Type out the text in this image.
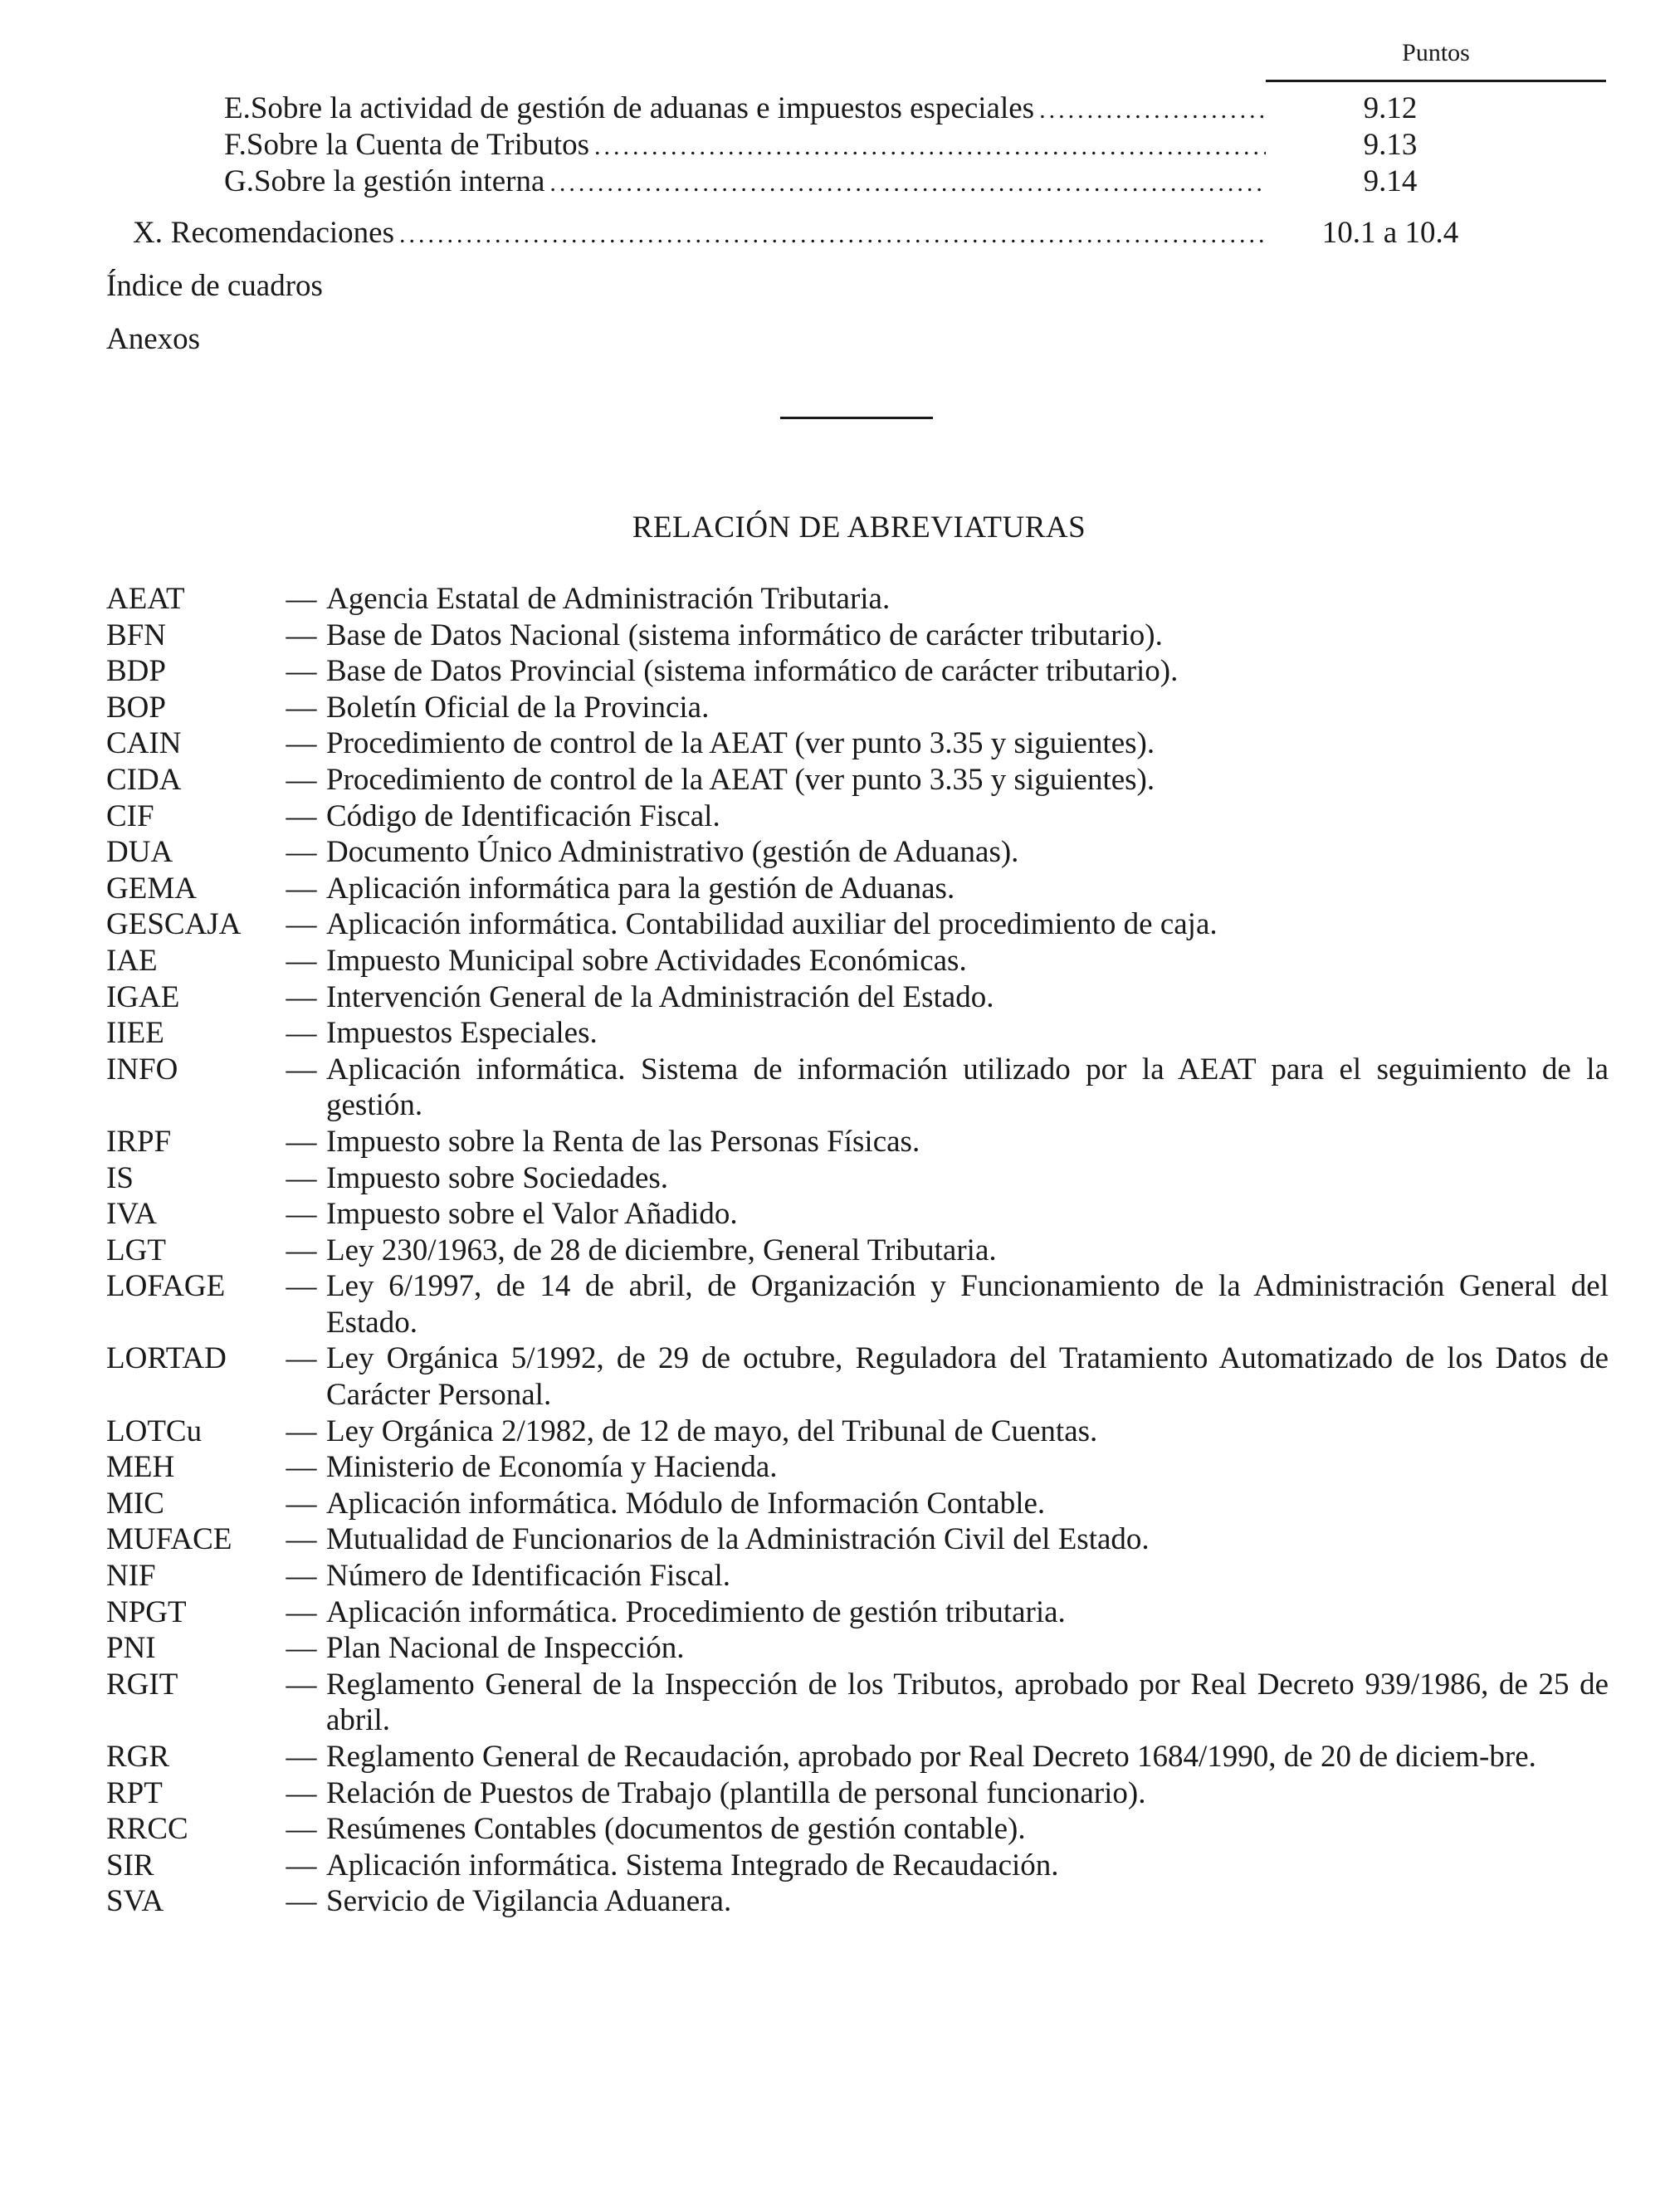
Puntos
E. Sobre la actividad de gestión de aduanas e impuestos especiales .....	9.12
F. Sobre la Cuenta de Tributos .....	9.13
G. Sobre la gestión interna .....	9.14
X. Recomendaciones .....	10.1 a 10.4
Índice de cuadros
Anexos
RELACIÓN DE ABREVIATURAS
AEAT	— Agencia Estatal de Administración Tributaria.
BFN	— Base de Datos Nacional (sistema informático de carácter tributario).
BDP	— Base de Datos Provincial (sistema informático de carácter tributario).
BOP	— Boletín Oficial de la Provincia.
CAIN	— Procedimiento de control de la AEAT (ver punto 3.35 y siguientes).
CIDA	— Procedimiento de control de la AEAT (ver punto 3.35 y siguientes).
CIF	— Código de Identificación Fiscal.
DUA	— Documento Único Administrativo (gestión de Aduanas).
GEMA	— Aplicación informática para la gestión de Aduanas.
GESCAJA	— Aplicación informática. Contabilidad auxiliar del procedimiento de caja.
IAE	— Impuesto Municipal sobre Actividades Económicas.
IGAE	— Intervención General de la Administración del Estado.
IIEE	— Impuestos Especiales.
INFO	— Aplicación informática. Sistema de información utilizado por la AEAT para el seguimiento de la gestión.
IRPF	— Impuesto sobre la Renta de las Personas Físicas.
IS	— Impuesto sobre Sociedades.
IVA	— Impuesto sobre el Valor Añadido.
LGT	— Ley 230/1963, de 28 de diciembre, General Tributaria.
LOFAGE	— Ley 6/1997, de 14 de abril, de Organización y Funcionamiento de la Administración General del Estado.
LORTAD	— Ley Orgánica 5/1992, de 29 de octubre, Reguladora del Tratamiento Automatizado de los Datos de Carácter Personal.
LOTCu	— Ley Orgánica 2/1982, de 12 de mayo, del Tribunal de Cuentas.
MEH	— Ministerio de Economía y Hacienda.
MIC	— Aplicación informática. Módulo de Información Contable.
MUFACE	— Mutualidad de Funcionarios de la Administración Civil del Estado.
NIF	— Número de Identificación Fiscal.
NPGT	— Aplicación informática. Procedimiento de gestión tributaria.
PNI	— Plan Nacional de Inspección.
RGIT	— Reglamento General de la Inspección de los Tributos, aprobado por Real Decreto 939/1986, de 25 de abril.
RGR	— Reglamento General de Recaudación, aprobado por Real Decreto 1684/1990, de 20 de diciem-bre.
RPT	— Relación de Puestos de Trabajo (plantilla de personal funcionario).
RRCC	— Resúmenes Contables (documentos de gestión contable).
SIR	— Aplicación informática. Sistema Integrado de Recaudación.
SVA	— Servicio de Vigilancia Aduanera.
